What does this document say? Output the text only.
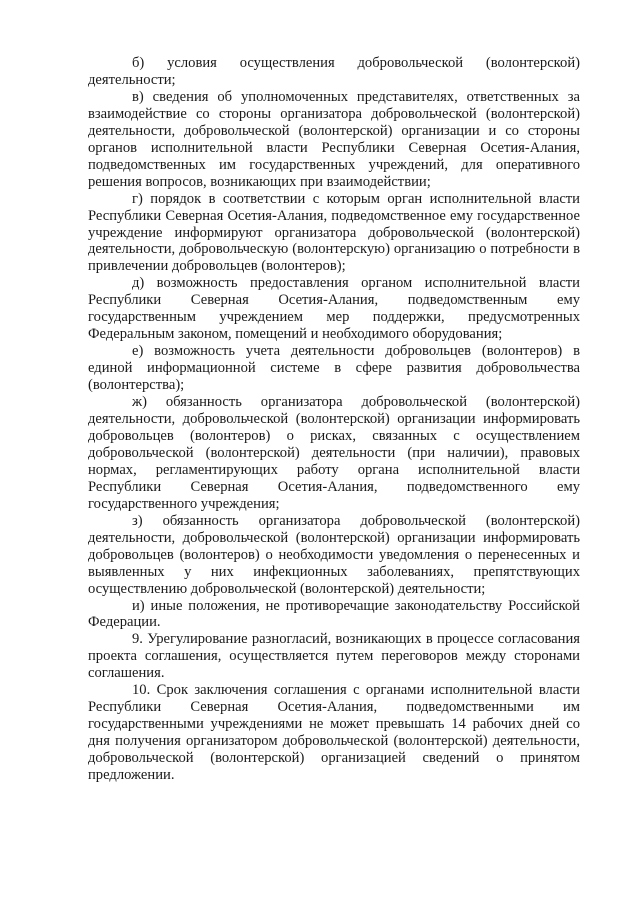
б) условия осуществления добровольческой (волонтерской) деятельности;

в) сведения об уполномоченных представителях, ответственных за взаимодействие со стороны организатора добровольческой (волонтерской) деятельности, добровольческой (волонтерской) организации и со стороны органов исполнительной власти Республики Северная Осетия-Алания, подведомственных им государственных учреждений, для оперативного решения вопросов, возникающих при взаимодействии;

г) порядок в соответствии с которым орган исполнительной власти Республики Северная Осетия-Алания, подведомственное ему государственное учреждение информируют организатора добровольческой (волонтерской) деятельности, добровольческую (волонтерскую) организацию о потребности в привлечении добровольцев (волонтеров);

д) возможность предоставления органом исполнительной власти Республики Северная Осетия-Алания, подведомственным ему государственным учреждением мер поддержки, предусмотренных Федеральным законом, помещений и необходимого оборудования;

е) возможность учета деятельности добровольцев (волонтеров) в единой информационной системе в сфере развития добровольчества (волонтерства);

ж) обязанность организатора добровольческой (волонтерской) деятельности, добровольческой (волонтерской) организации информировать добровольцев (волонтеров) о рисках, связанных с осуществлением добровольческой (волонтерской) деятельности (при наличии), правовых нормах, регламентирующих работу органа исполнительной власти Республики Северная Осетия-Алания, подведомственного ему государственного учреждения;

з) обязанность организатора добровольческой (волонтерской) деятельности, добровольческой (волонтерской) организации информировать добровольцев (волонтеров) о необходимости уведомления о перенесенных и выявленных у них инфекционных заболеваниях, препятствующих осуществлению добровольческой (волонтерской) деятельности;

и) иные положения, не противоречащие законодательству Российской Федерации.

9. Урегулирование разногласий, возникающих в процессе согласования проекта соглашения, осуществляется путем переговоров между сторонами соглашения.

10. Срок заключения соглашения с органами исполнительной власти Республики Северная Осетия-Алания, подведомственными им государственными учреждениями не может превышать 14 рабочих дней со дня получения организатором добровольческой (волонтерской) деятельности, добровольческой (волонтерской) организацией сведений о принятом предложении.
